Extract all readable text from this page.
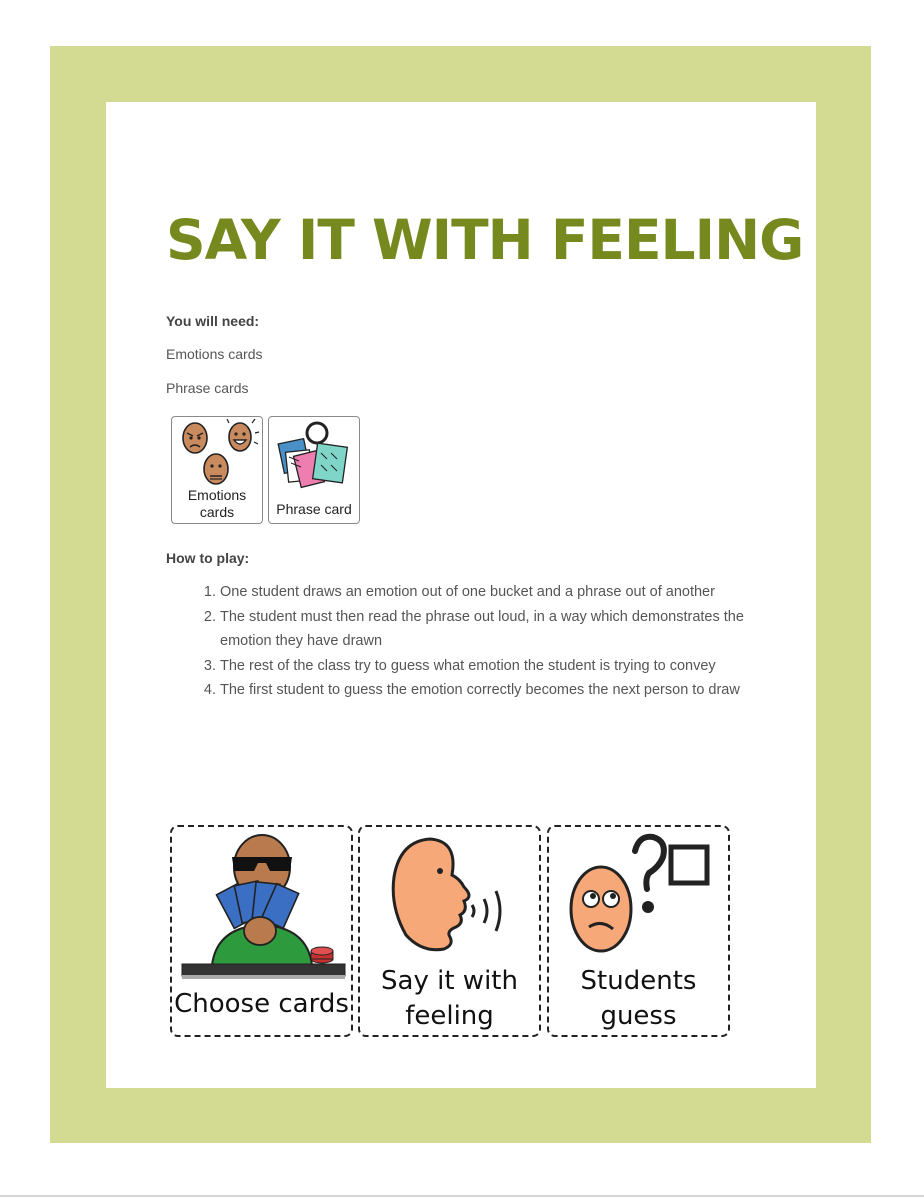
SAY IT WITH FEELING

You will need:

Emotions cards

Phrase cards

Emotions
cards	Phrase card

How to play:

1. One student draws an emotion out of one bucket and a phrase out of another
2. The student must then read the phrase out loud, in a way which demonstrates the emotion they have drawn
3. The rest of the class try to guess what emotion the student is trying to convey
4. The first student to guess the emotion correctly becomes the next person to draw
Choose cards
Say it with
feeling
Students
guess
